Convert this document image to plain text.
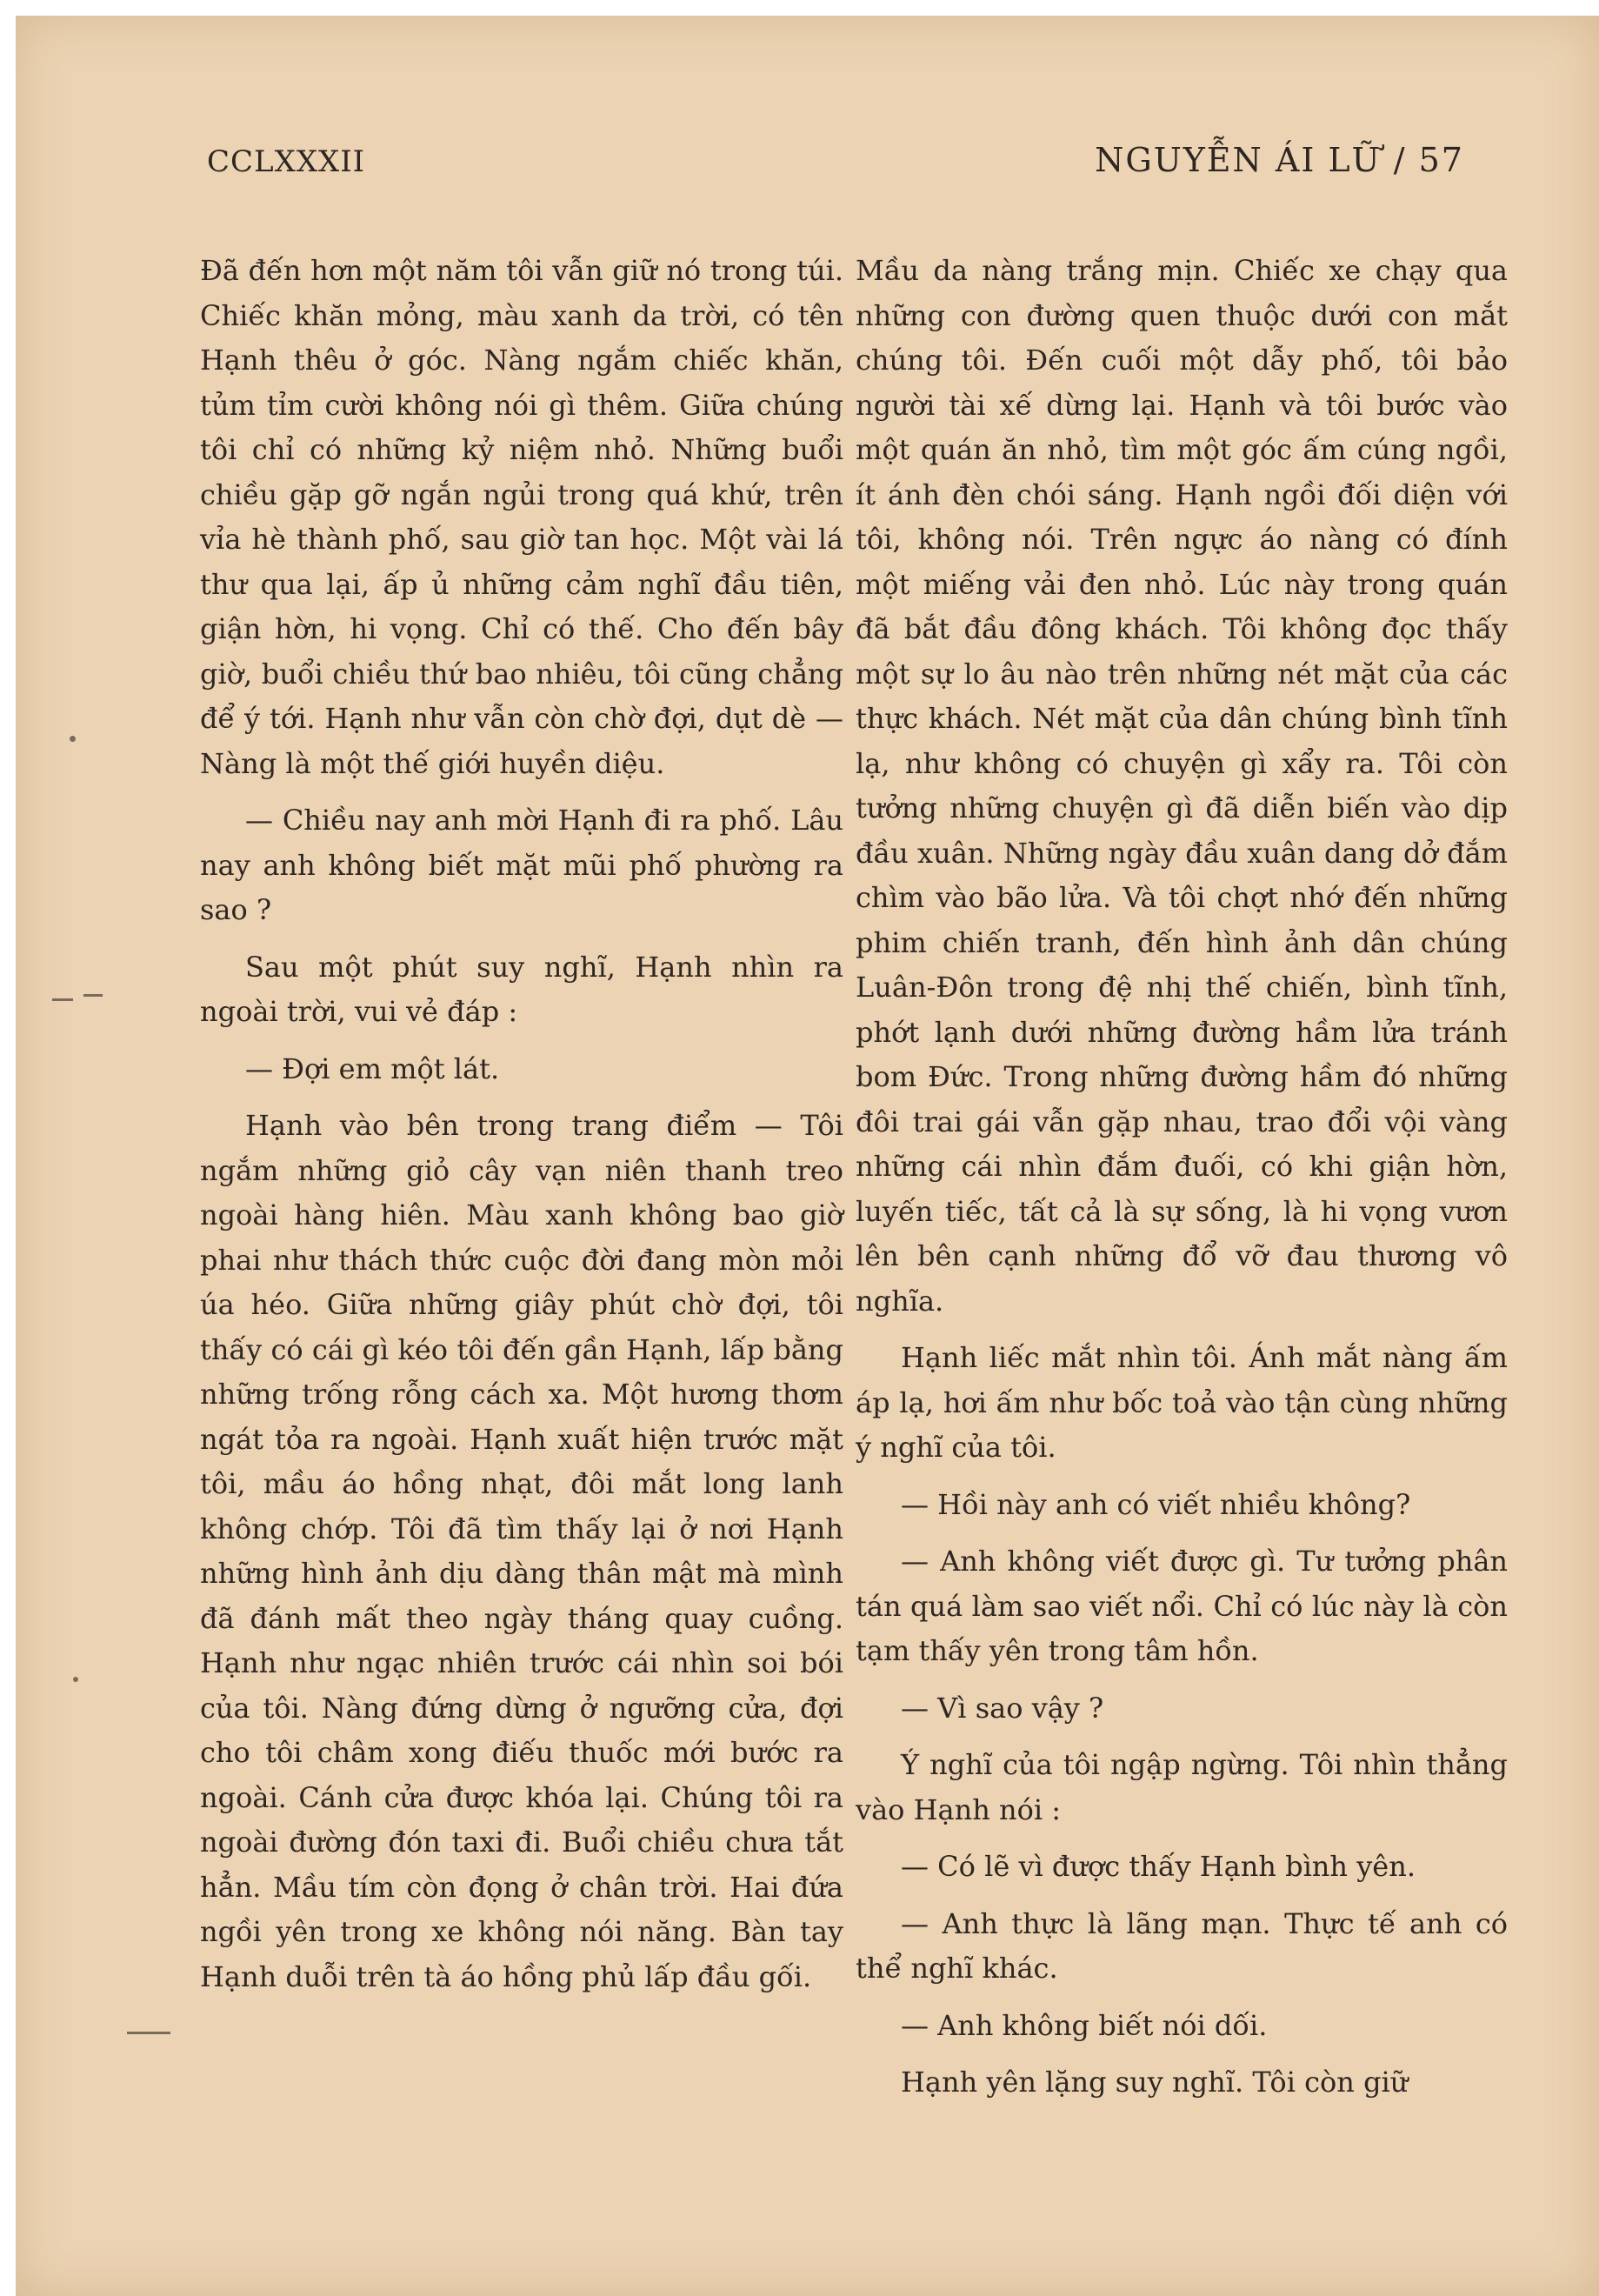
CCLXXXII	NGUYỄN ÁI LỮ / 57

Đã đến hơn một năm tôi vẫn giữ nó trong túi. Chiếc khăn mỏng, màu xanh da trời, có tên Hạnh thêu ở góc. Nàng ngắm chiếc khăn, tủm tỉm cười không nói gì thêm. Giữa chúng tôi chỉ có những kỷ niệm nhỏ. Những buổi chiều gặp gỡ ngắn ngủi trong quá khứ, trên vỉa hè thành phố, sau giờ tan học. Một vài lá thư qua lại, ấp ủ những cảm nghĩ đầu tiên, giận hờn, hi vọng. Chỉ có thế. Cho đến bây giờ, buổi chiều thứ bao nhiêu, tôi cũng chẳng để ý tới. Hạnh như vẫn còn chờ đợi, dụt dè — Nàng là một thế giới huyền diệu.

— Chiều nay anh mời Hạnh đi ra phố. Lâu nay anh không biết mặt mũi phố phường ra sao ?

Sau một phút suy nghĩ, Hạnh nhìn ra ngoài trời, vui vẻ đáp :

— Đợi em một lát.

Hạnh vào bên trong trang điểm — Tôi ngắm những giỏ cây vạn niên thanh treo ngoài hàng hiên. Màu xanh không bao giờ phai như thách thức cuộc đời đang mòn mỏi úa héo. Giữa những giây phút chờ đợi, tôi thấy có cái gì kéo tôi đến gần Hạnh, lấp bằng những trống rỗng cách xa. Một hương thơm ngát tỏa ra ngoài. Hạnh xuất hiện trước mặt tôi, mầu áo hồng nhạt, đôi mắt long lanh không chớp. Tôi đã tìm thấy lại ở nơi Hạnh những hình ảnh dịu dàng thân mật mà mình đã đánh mất theo ngày tháng quay cuồng. Hạnh như ngạc nhiên trước cái nhìn soi bói của tôi. Nàng đứng dừng ở ngưỡng cửa, đợi cho tôi châm xong điếu thuốc mới bước ra ngoài. Cánh cửa được khóa lại. Chúng tôi ra ngoài đường đón taxi đi. Buổi chiều chưa tắt hẳn. Mầu tím còn đọng ở chân trời. Hai đứa ngồi yên trong xe không nói năng. Bàn tay Hạnh duỗi trên tà áo hồng phủ lấp đầu gối.

Mầu da nàng trắng mịn. Chiếc xe chạy qua những con đường quen thuộc dưới con mắt chúng tôi. Đến cuối một dẫy phố, tôi bảo người tài xế dừng lại. Hạnh và tôi bước vào một quán ăn nhỏ, tìm một góc ấm cúng ngồi, ít ánh đèn chói sáng. Hạnh ngồi đối diện với tôi, không nói. Trên ngực áo nàng có đính một miếng vải đen nhỏ. Lúc này trong quán đã bắt đầu đông khách. Tôi không đọc thấy một sự lo âu nào trên những nét mặt của các thực khách. Nét mặt của dân chúng bình tĩnh lạ, như không có chuyện gì xẩy ra. Tôi còn tưởng những chuyện gì đã diễn biến vào dịp đầu xuân. Những ngày đầu xuân dang dở đắm chìm vào bão lửa. Và tôi chợt nhớ đến những phim chiến tranh, đến hình ảnh dân chúng Luân-Đôn trong đệ nhị thế chiến, bình tĩnh, phớt lạnh dưới những đường hầm lửa tránh bom Đức. Trong những đường hầm đó những đôi trai gái vẫn gặp nhau, trao đổi vội vàng những cái nhìn đắm đuối, có khi giận hờn, luyến tiếc, tất cả là sự sống, là hi vọng vươn lên bên cạnh những đổ vỡ đau thương vô nghĩa.

Hạnh liếc mắt nhìn tôi. Ánh mắt nàng ấm áp lạ, hơi ấm như bốc toả vào tận cùng những ý nghĩ của tôi.

— Hồi này anh có viết nhiều không?

— Anh không viết được gì. Tư tưởng phân tán quá làm sao viết nổi. Chỉ có lúc này là còn tạm thấy yên trong tâm hồn.

— Vì sao vậy ?

Ý nghĩ của tôi ngập ngừng. Tôi nhìn thẳng vào Hạnh nói :

— Có lẽ vì được thấy Hạnh bình yên.

— Anh thực là lãng mạn. Thực tế anh có thể nghĩ khác.

— Anh không biết nói dối.

Hạnh yên lặng suy nghĩ. Tôi còn giữ
